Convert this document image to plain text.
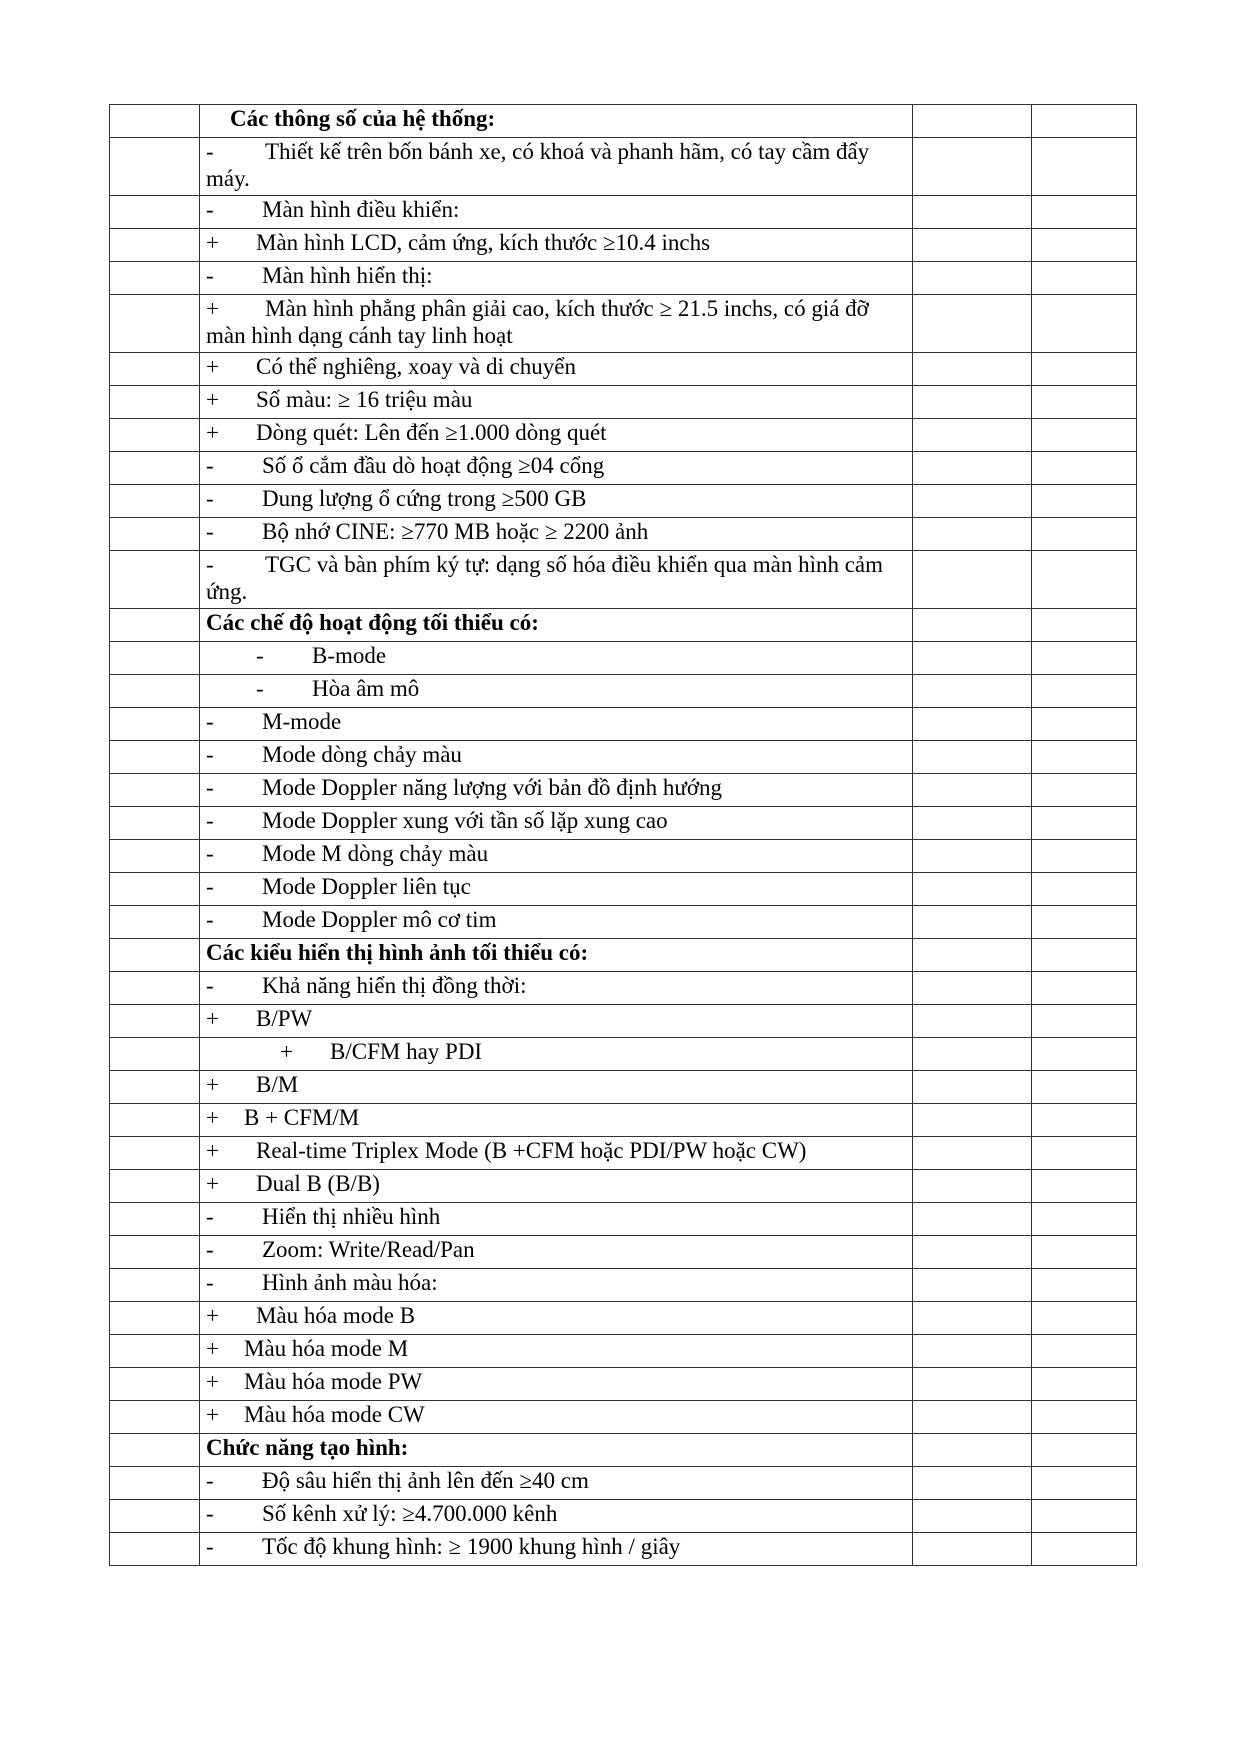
	Các thông số của hệ thống:		

	- Thiết kế trên bốn bánh xe, có khoá và phanh hãm, có tay cầm đẩy máy.		

	- Màn hình điều khiển:		

	+ Màn hình LCD, cảm ứng, kích thước ≥10.4 inchs		

	- Màn hình hiển thị:		

	+ Màn hình phẳng phân giải cao, kích thước ≥ 21.5 inchs, có giá đỡ màn hình dạng cánh tay linh hoạt		

	+ Có thể nghiêng, xoay và di chuyển		

	+ Số màu: ≥ 16 triệu màu		

	+ Dòng quét: Lên đến ≥1.000 dòng quét		

	- Số ổ cắm đầu dò hoạt động ≥04 cổng		

	- Dung lượng ổ cứng trong ≥500 GB		

	- Bộ nhớ CINE: ≥770 MB hoặc ≥ 2200 ảnh		

	- TGC và bàn phím ký tự: dạng số hóa điều khiển qua màn hình cảm ứng.		

	Các chế độ hoạt động tối thiểu có:		

	- B-mode		

	- Hòa âm mô		

	- M-mode		

	- Mode dòng chảy màu		

	- Mode Doppler năng lượng với bản đồ định hướng		

	- Mode Doppler xung với tần số lặp xung cao		

	- Mode M dòng chảy màu		

	- Mode Doppler liên tục		

	- Mode Doppler mô cơ tim		

	Các kiểu hiển thị hình ảnh tối thiểu có:		

	- Khả năng hiển thị đồng thời:		

	+ B/PW		

	+ B/CFM hay PDI		

	+ B/M		

	+ B + CFM/M		

	+ Real-time Triplex Mode (B +CFM hoặc PDI/PW hoặc CW)		

	+ Dual B (B/B)		

	- Hiển thị nhiều hình		

	- Zoom: Write/Read/Pan		

	- Hình ảnh màu hóa:		

	+ Màu hóa mode B		

	+ Màu hóa mode M		

	+ Màu hóa mode PW		

	+ Màu hóa mode CW		

	Chức năng tạo hình:		

	- Độ sâu hiển thị ảnh lên đến ≥40 cm		

	- Số kênh xử lý: ≥4.700.000 kênh		

	- Tốc độ khung hình: ≥ 1900 khung hình / giây		
